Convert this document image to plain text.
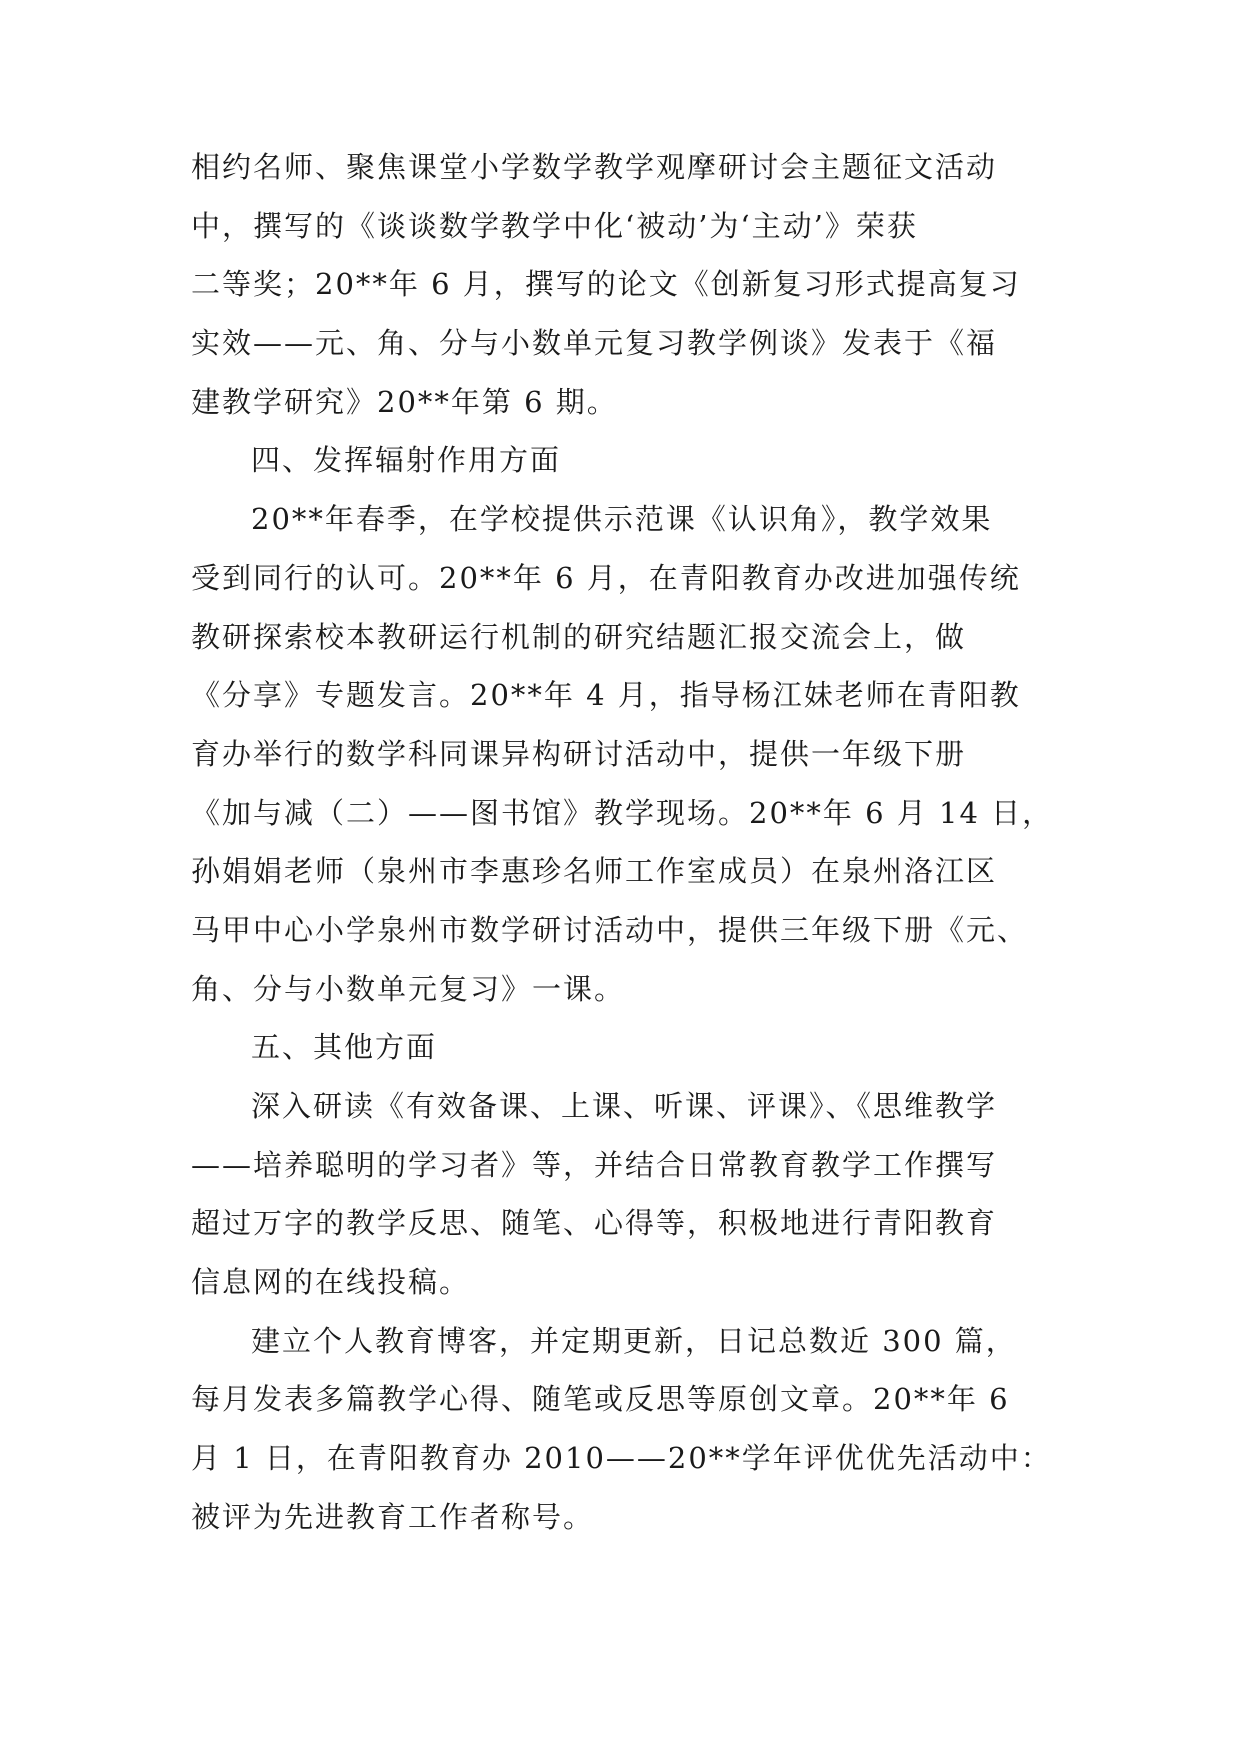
相约名师、聚焦课堂小学数学教学观摩研讨会主题征文活动
中，撰写的《谈谈数学教学中化‘被动’为‘主动’》荣获
二等奖；20**年 6 月，撰写的论文《创新复习形式提高复习
实效——元、角、分与小数单元复习教学例谈》发表于《福
建教学研究》20**年第 6 期。
四、发挥辐射作用方面
20**年春季，在学校提供示范课《认识角》，教学效果
受到同行的认可。20**年 6 月，在青阳教育办改进加强传统
教研探索校本教研运行机制的研究结题汇报交流会上，做
《分享》专题发言。20**年 4 月，指导杨江妹老师在青阳教
育办举行的数学科同课异构研讨活动中，提供一年级下册
《加与减（二）——图书馆》教学现场。20**年 6 月 14 日，
孙娟娟老师（泉州市李惠珍名师工作室成员）在泉州洛江区
马甲中心小学泉州市数学研讨活动中，提供三年级下册《元、
角、分与小数单元复习》一课。
五、其他方面
深入研读《有效备课、上课、听课、评课》、《思维教学
——培养聪明的学习者》等，并结合日常教育教学工作撰写
超过万字的教学反思、随笔、心得等，积极地进行青阳教育
信息网的在线投稿。
建立个人教育博客，并定期更新，日记总数近 300 篇，
每月发表多篇教学心得、随笔或反思等原创文章。20**年 6
月 1 日，在青阳教育办 2010——20**学年评优优先活动中：
被评为先进教育工作者称号。
